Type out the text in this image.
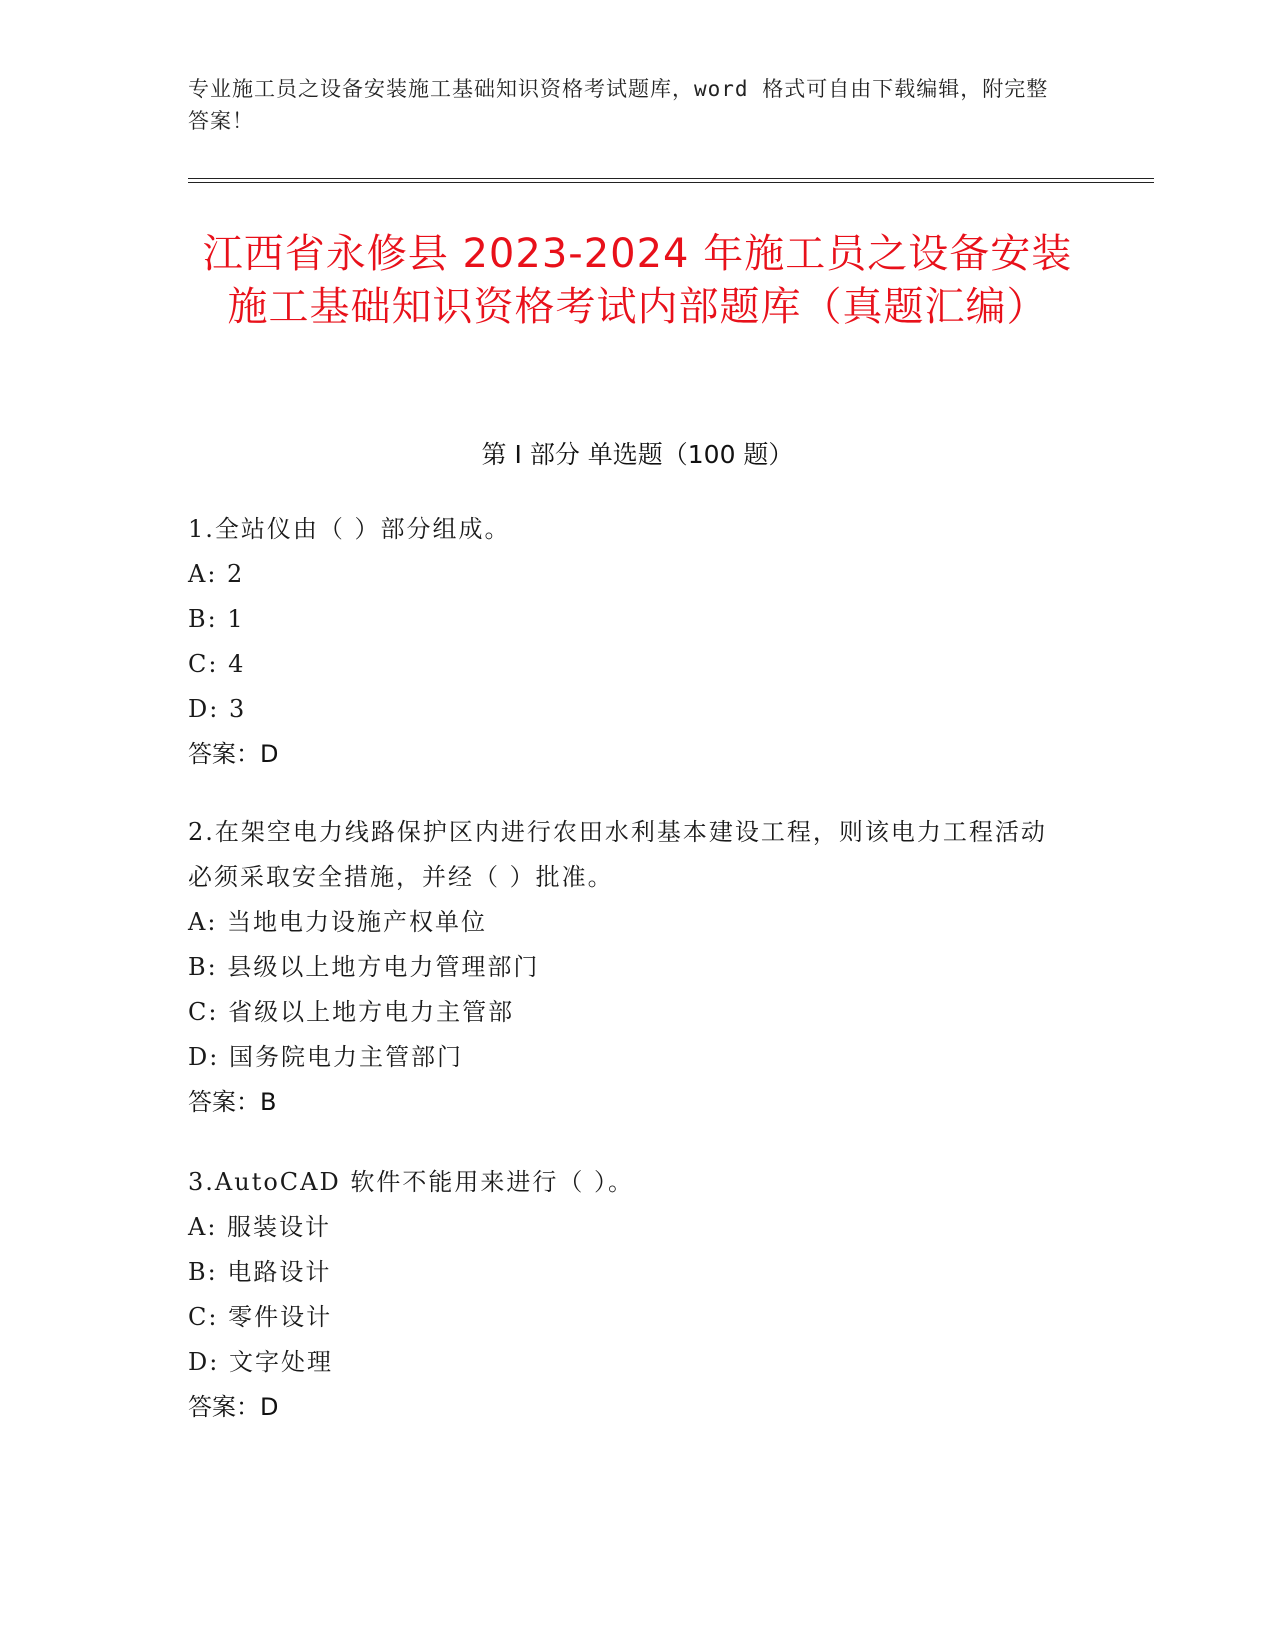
专业施工员之设备安装施工基础知识资格考试题库，word 格式可自由下载编辑，附完整答案！
江西省永修县 2023-2024 年施工员之设备安装施工基础知识资格考试内部题库（真题汇编）
第 I 部分 单选题（100 题）
1.全站仪由（ ）部分组成。
A: 2
B: 1
C: 4
D: 3
答案：D
2.在架空电力线路保护区内进行农田水利基本建设工程，则该电力工程活动必须采取安全措施，并经（ ）批准。
A: 当地电力设施产权单位
B: 县级以上地方电力管理部门
C: 省级以上地方电力主管部
D: 国务院电力主管部门
答案：B
3.AutoCAD 软件不能用来进行（ ）。
A: 服装设计
B: 电路设计
C: 零件设计
D: 文字处理
答案：D
